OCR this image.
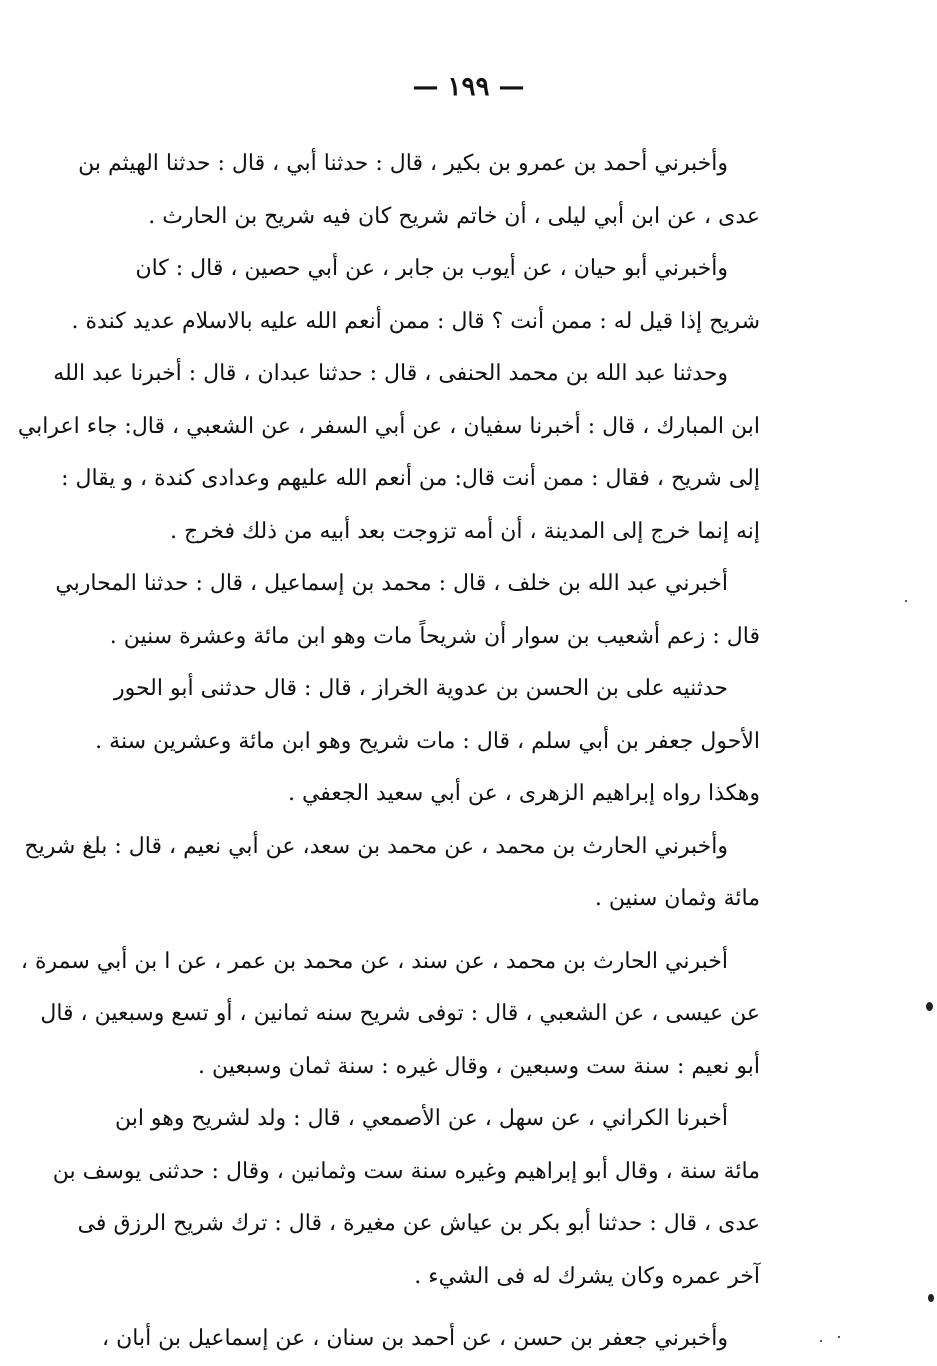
— ١٩٩ —
وأخبرني أحمد بن عمرو بن بكير ، قال : حدثنا أبي ، قال : حدثنا الهيثم بن
عدى ، عن ابن أبي ليلى ، أن خاتم شريح كان فيه شريح بن الحارث .
وأخبرني أبو حيان ، عن أيوب بن جابر ، عن أبي حصين ، قال : كان
شريح إذا قيل له : ممن أنت ؟ قال : ممن أنعم الله عليه بالاسلام عديد كندة .
وحدثنا عبد الله بن محمد الحنفى ، قال : حدثنا عبدان ، قال : أخبرنا عبد الله
ابن المبارك ، قال : أخبرنا سفيان ، عن أبي السفر ، عن الشعبي ، قال: جاء اعرابي
إلى شريح ، فقال : ممن أنت قال: من أنعم الله عليهم وعدادى كندة ، و يقال :
إنه إنما خرج إلى المدينة ، أن أمه تزوجت بعد أبيه من ذلك فخرج .
أخبرني عبد الله بن خلف ، قال : محمد بن إسماعيل ، قال : حدثنا المحاربي
قال : زعم أشعيب بن سوار أن شريحاً مات وهو ابن مائة وعشرة سنين .
حدثنيه على بن الحسن بن عدوية الخراز ، قال : قال حدثنى أبو الحور
الأحول جعفر بن أبي سلم ، قال : مات شريح وهو ابن مائة وعشرين سنة .
وهكذا رواه إبراهيم الزهرى ، عن أبي سعيد الجعفي .
وأخبرني الحارث بن محمد ، عن محمد بن سعد، عن أبي نعيم ، قال : بلغ شريح
مائة وثمان سنين .
أخبرني الحارث بن محمد ، عن سند ، عن محمد بن عمر ، عن ا بن أبي سمرة ،
عن عيسى ، عن الشعبي ، قال : توفى شريح سنه ثمانين ، أو تسع وسبعين ، قال
أبو نعيم : سنة ست وسبعين ، وقال غيره : سنة ثمان وسبعين .
أخبرنا الكراني ، عن سهل ، عن الأصمعي ، قال : ولد لشريح وهو ابن
مائة سنة ، وقال أبو إبراهيم وغيره سنة ست وثمانين ، وقال : حدثنى يوسف بن
عدى ، قال : حدثنا أبو بكر بن عياش عن مغيرة ، قال : ترك شريح الرزق فى
آخر عمره وكان يشرك له فى الشيء .
وأخبرني جعفر بن حسن ، عن أحمد بن سنان ، عن إسماعيل بن أبان ،
